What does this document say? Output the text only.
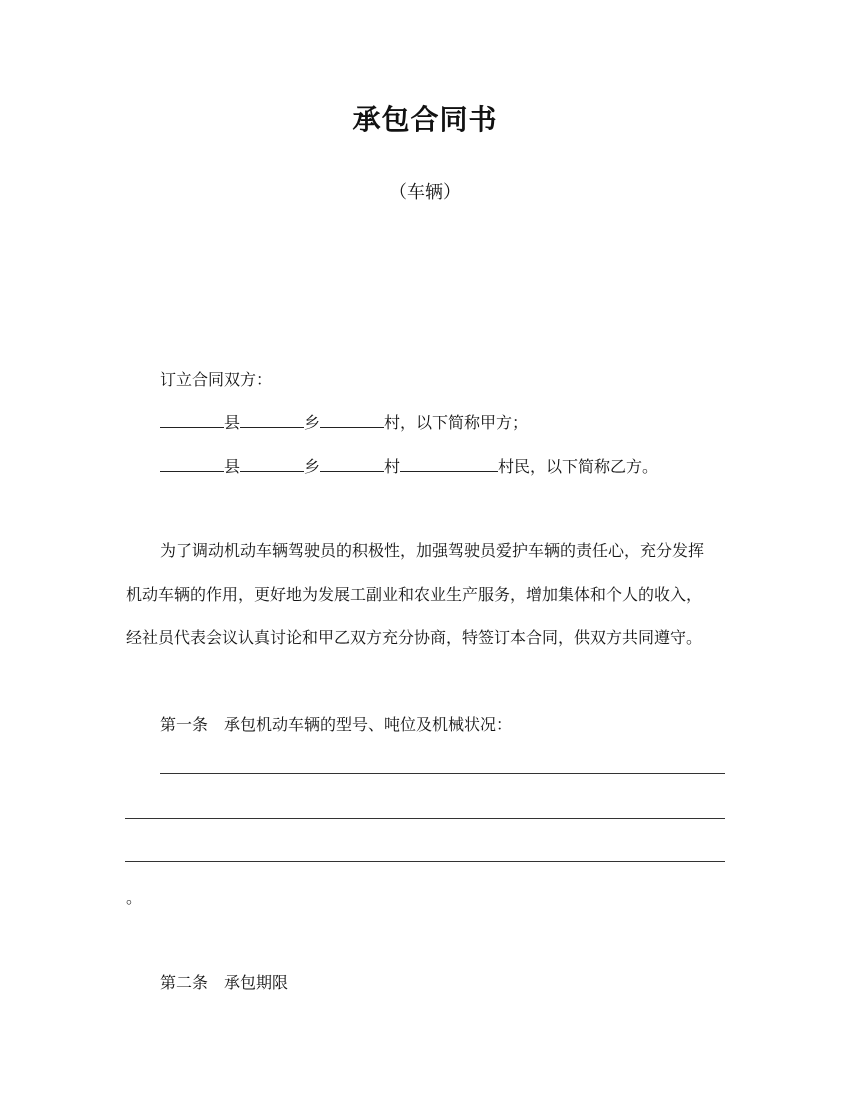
承包合同书
（车辆）
订立合同双方：
县	乡	村，以下简称甲方；
县	乡	村	村民，以下简称乙方。
为了调动机动车辆驾驶员的积极性，加强驾驶员爱护车辆的责任心，充分发挥
机动车辆的作用，更好地为发展工副业和农业生产服务，增加集体和个人的收入，
经社员代表会议认真讨论和甲乙双方充分协商，特签订本合同，供双方共同遵守。
第一条　承包机动车辆的型号、吨位及机械状况：
。
第二条　承包期限
